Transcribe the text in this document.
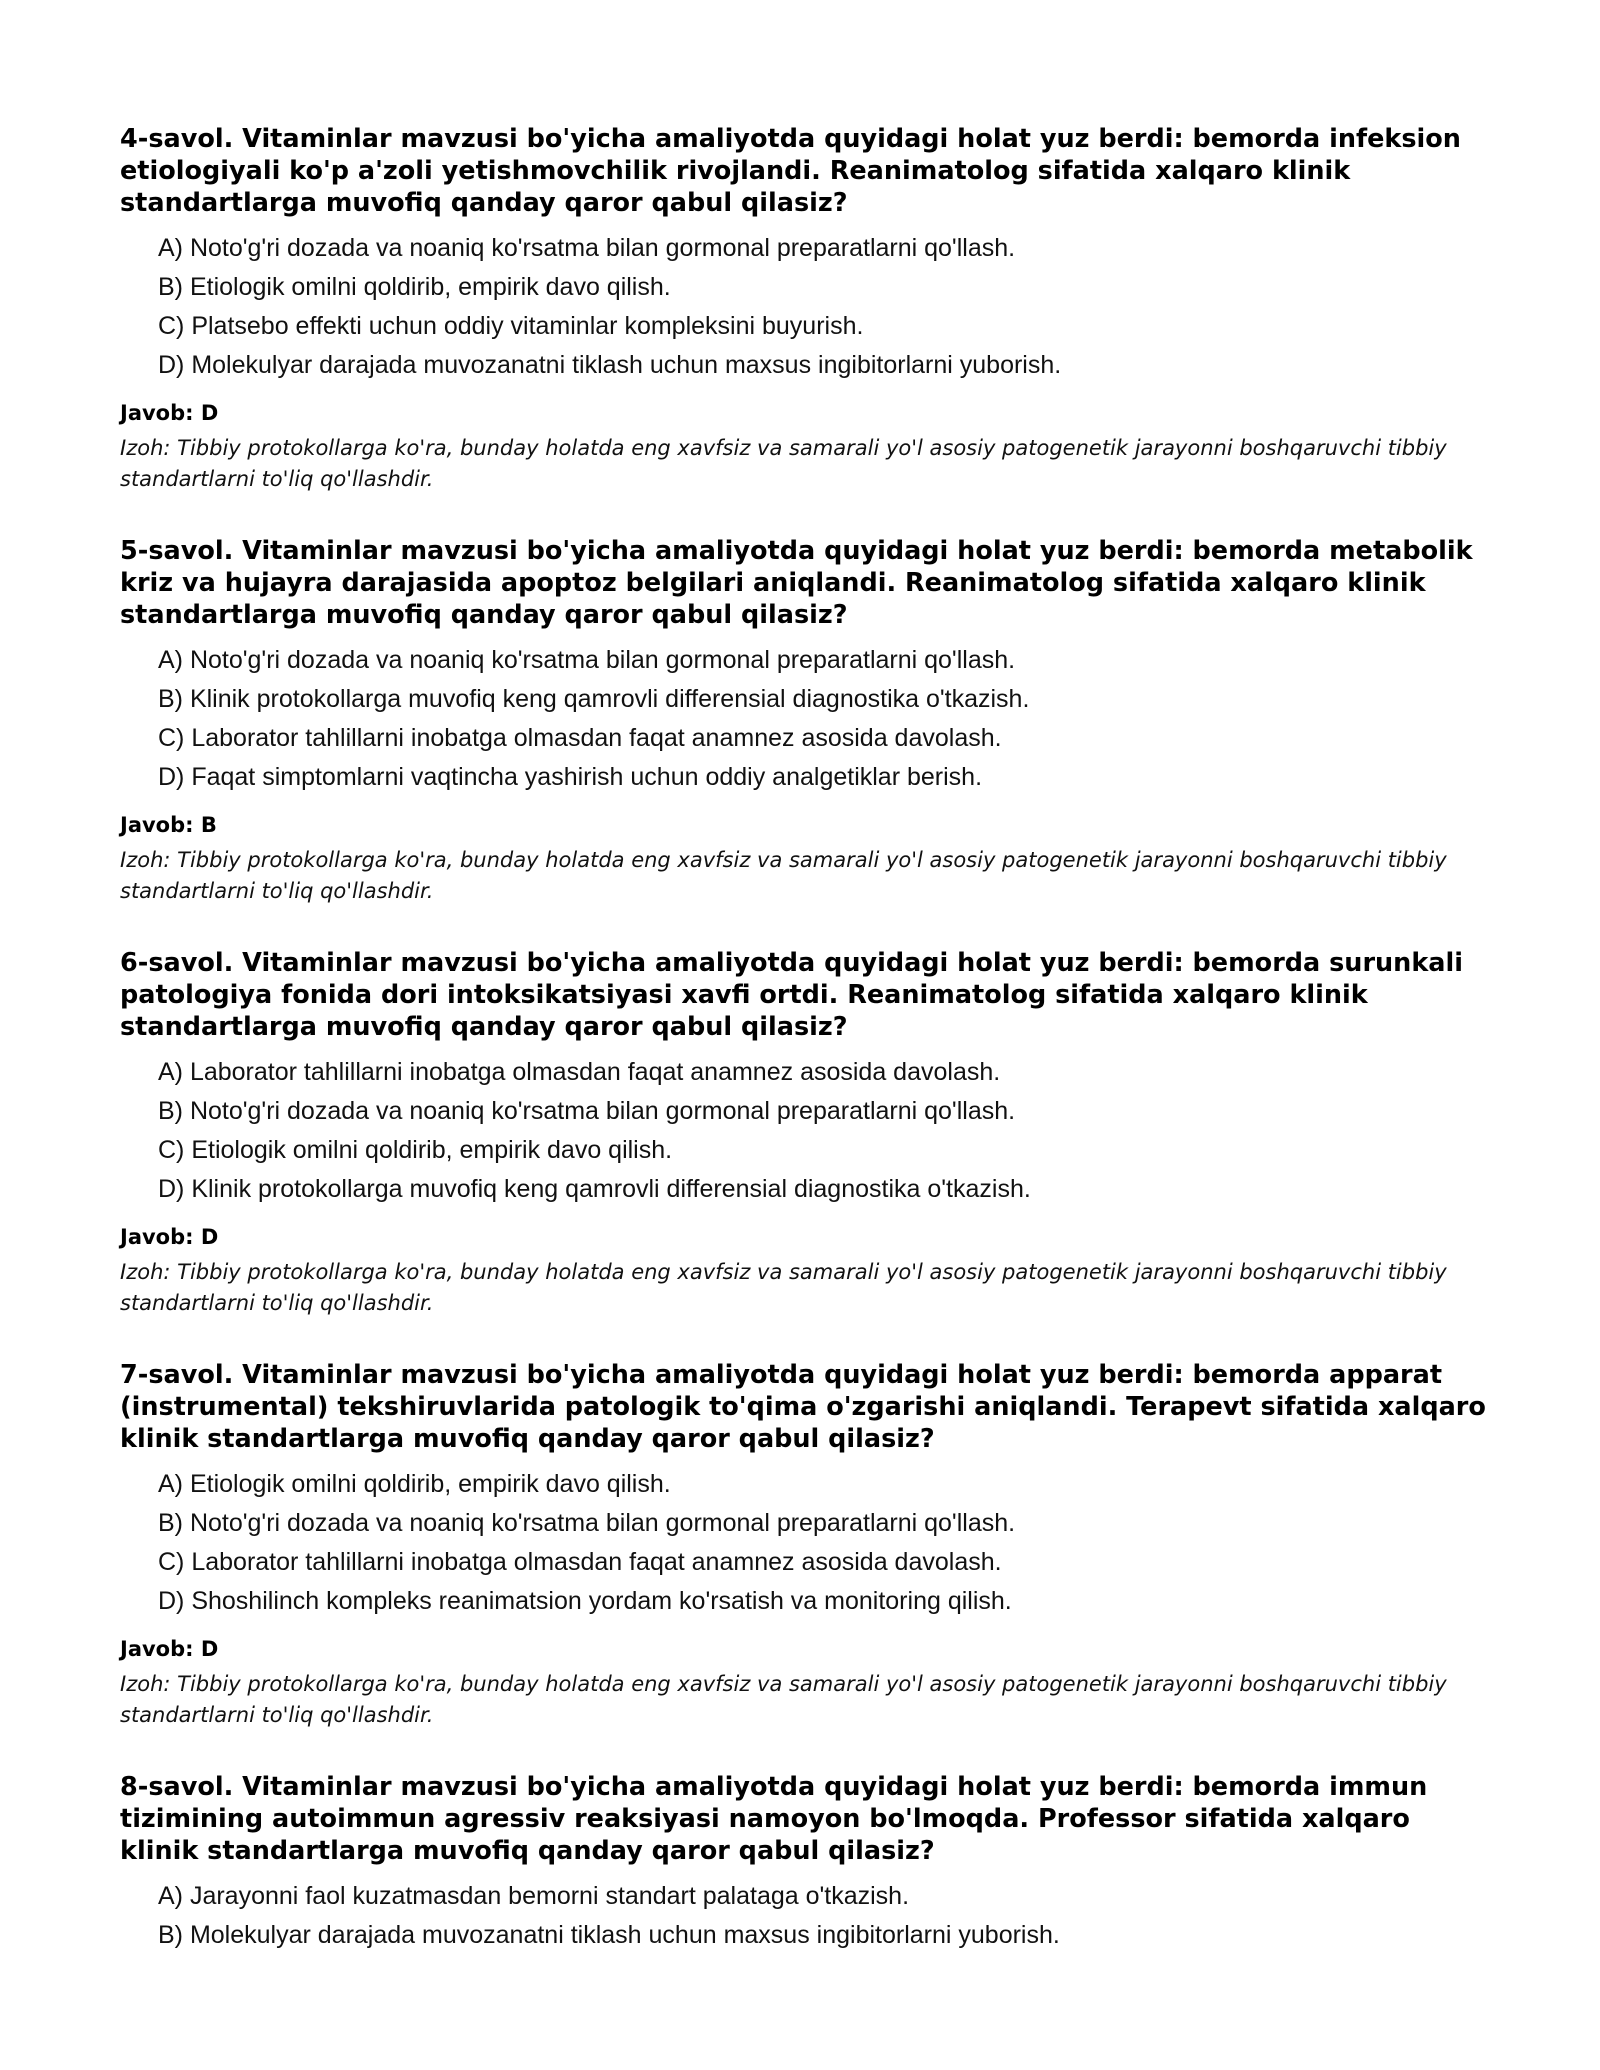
4-savol. Vitaminlar mavzusi bo'yicha amaliyotda quyidagi holat yuz berdi: bemorda infeksion etiologiyali ko'p a'zoli yetishmovchilik rivojlandi. Reanimatolog sifatida xalqaro klinik standartlarga muvofiq qanday qaror qabul qilasiz?

A) Noto'g'ri dozada va noaniq ko'rsatma bilan gormonal preparatlarni qo'llash.
B) Etiologik omilni qoldirib, empirik davo qilish.
C) Platsebo effekti uchun oddiy vitaminlar kompleksini buyurish.
D) Molekulyar darajada muvozanatni tiklash uchun maxsus ingibitorlarni yuborish.

Javob: D

Izoh: Tibbiy protokollarga ko'ra, bunday holatda eng xavfsiz va samarali yo'l asosiy patogenetik jarayonni boshqaruvchi tibbiy standartlarni to'liq qo'llashdir.

5-savol. Vitaminlar mavzusi bo'yicha amaliyotda quyidagi holat yuz berdi: bemorda metabolik kriz va hujayra darajasida apoptoz belgilari aniqlandi. Reanimatolog sifatida xalqaro klinik standartlarga muvofiq qanday qaror qabul qilasiz?

A) Noto'g'ri dozada va noaniq ko'rsatma bilan gormonal preparatlarni qo'llash.
B) Klinik protokollarga muvofiq keng qamrovli differensial diagnostika o'tkazish.
C) Laborator tahlillarni inobatga olmasdan faqat anamnez asosida davolash.
D) Faqat simptomlarni vaqtincha yashirish uchun oddiy analgetiklar berish.

Javob: B

Izoh: Tibbiy protokollarga ko'ra, bunday holatda eng xavfsiz va samarali yo'l asosiy patogenetik jarayonni boshqaruvchi tibbiy standartlarni to'liq qo'llashdir.

6-savol. Vitaminlar mavzusi bo'yicha amaliyotda quyidagi holat yuz berdi: bemorda surunkali patologiya fonida dori intoksikatsiyasi xavfi ortdi. Reanimatolog sifatida xalqaro klinik standartlarga muvofiq qanday qaror qabul qilasiz?

A) Laborator tahlillarni inobatga olmasdan faqat anamnez asosida davolash.
B) Noto'g'ri dozada va noaniq ko'rsatma bilan gormonal preparatlarni qo'llash.
C) Etiologik omilni qoldirib, empirik davo qilish.
D) Klinik protokollarga muvofiq keng qamrovli differensial diagnostika o'tkazish.

Javob: D

Izoh: Tibbiy protokollarga ko'ra, bunday holatda eng xavfsiz va samarali yo'l asosiy patogenetik jarayonni boshqaruvchi tibbiy standartlarni to'liq qo'llashdir.

7-savol. Vitaminlar mavzusi bo'yicha amaliyotda quyidagi holat yuz berdi: bemorda apparat (instrumental) tekshiruvlarida patologik to'qima o'zgarishi aniqlandi. Terapevt sifatida xalqaro klinik standartlarga muvofiq qanday qaror qabul qilasiz?

A) Etiologik omilni qoldirib, empirik davo qilish.
B) Noto'g'ri dozada va noaniq ko'rsatma bilan gormonal preparatlarni qo'llash.
C) Laborator tahlillarni inobatga olmasdan faqat anamnez asosida davolash.
D) Shoshilinch kompleks reanimatsion yordam ko'rsatish va monitoring qilish.

Javob: D

Izoh: Tibbiy protokollarga ko'ra, bunday holatda eng xavfsiz va samarali yo'l asosiy patogenetik jarayonni boshqaruvchi tibbiy standartlarni to'liq qo'llashdir.

8-savol. Vitaminlar mavzusi bo'yicha amaliyotda quyidagi holat yuz berdi: bemorda immun tizimining autoimmun agressiv reaksiyasi namoyon bo'lmoqda. Professor sifatida xalqaro klinik standartlarga muvofiq qanday qaror qabul qilasiz?

A) Jarayonni faol kuzatmasdan bemorni standart palataga o'tkazish.
B) Molekulyar darajada muvozanatni tiklash uchun maxsus ingibitorlarni yuborish.
